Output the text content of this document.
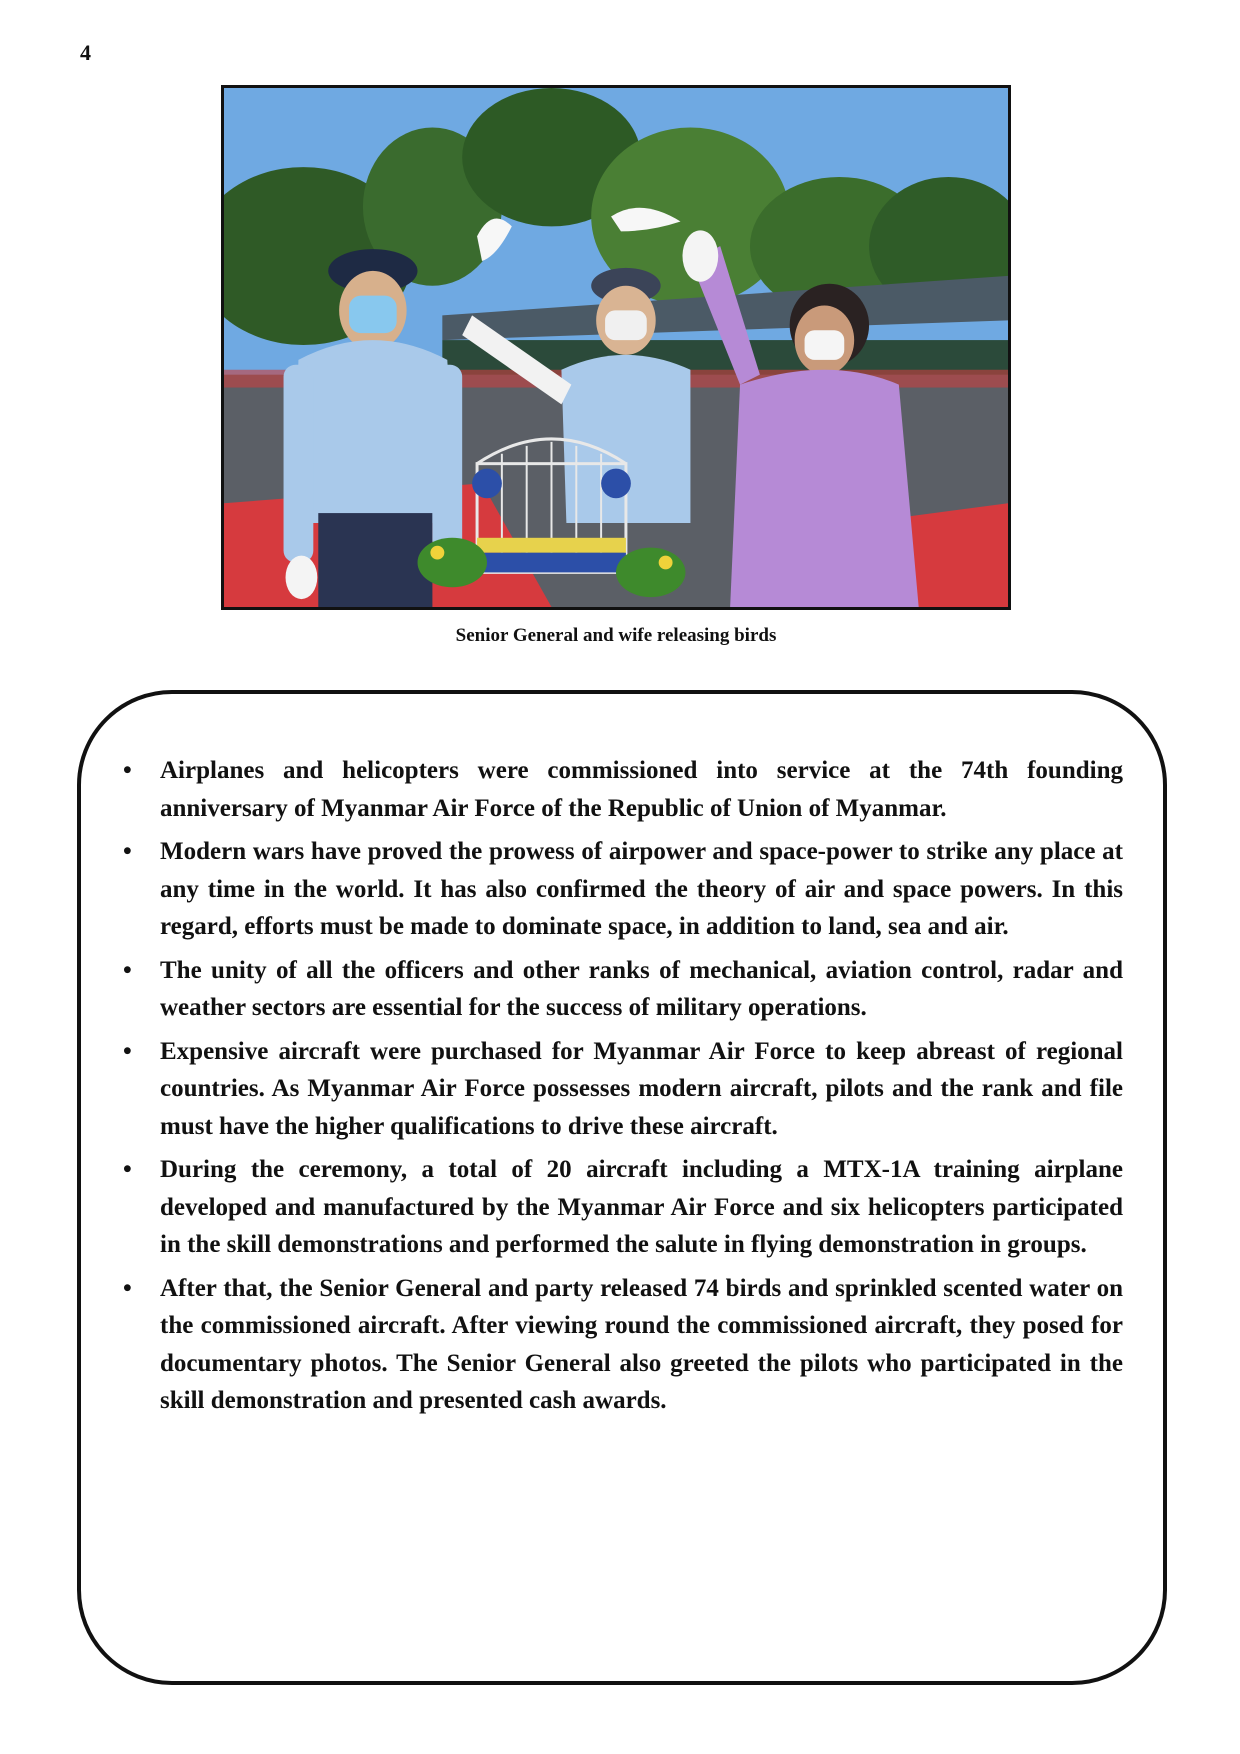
4
Senior General and wife releasing birds
• Airplanes and helicopters were commissioned into service at the 74th founding anniversary of Myanmar Air Force of the Republic of Union of Myanmar.
• Modern wars have proved the prowess of airpower and space-power to strike any place at any time in the world. It has also confirmed the theory of air and space powers. In this regard, efforts must be made to dominate space, in addition to land, sea and air.
• The unity of all the officers and other ranks of mechanical, aviation control, radar and weather sectors are essential for the success of military operations.
• Expensive aircraft were purchased for Myanmar Air Force to keep abreast of regional countries. As Myanmar Air Force possesses modern aircraft, pilots and the rank and file must have the higher qualifications to drive these aircraft.
• During the ceremony, a total of 20 aircraft including a MTX-1A training airplane developed and manufactured by the Myanmar Air Force and six helicopters participated in the skill demonstrations and performed the salute in flying demonstration in groups.
• After that, the Senior General and party released 74 birds and sprinkled scented water on the commissioned aircraft. After viewing round the commissioned aircraft, they posed for documentary photos. The Senior General also greeted the pilots who participated in the skill demonstration and presented cash awards.
